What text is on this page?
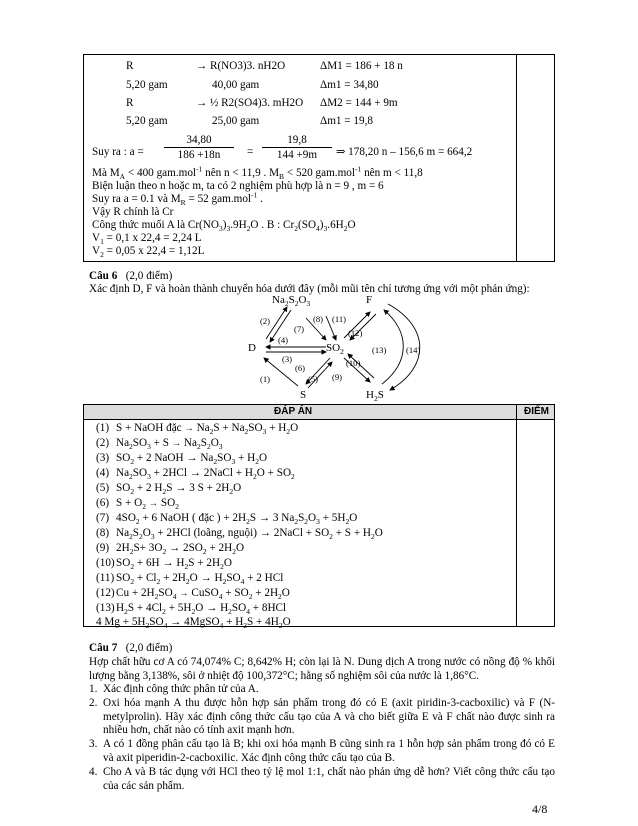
R	→ R(NO3)3. nH2O	ΔM1 = 186 + 18 n
5,20 gam	40,00 gam	Δm1 = 34,80
R	→ ½ R2(SO4)3. mH2O ΔM2 = 144 + 9m
5,20 gam	25,00 gam	Δm1 = 19,8
Suy ra : $a = \frac{34,80}{186 +18n} = \frac{19,8}{144 +9m}$ ⇒ 178,20 n – 156,6 m = 664,2
Mà $M_A < 400$ gam.mol$^{-1}$ nên n < 11,9 . $M_B < 520$ gam.mol$^{-1}$ nên m < 11,8
Biện luận theo n hoặc m, ta có 2 nghiệm phù hợp là n = 9 , m = 6
Suy ra a = 0.1 và $M_R = 52$ gam.mol$^{-1}$ .
Vậy R chính là Cr
Công thức muối A là $Cr(NO_3)_3.9H_2O$ . B : $Cr_2(SO_4)_3.6H_2O$
$V_1 = 0,1$ x 22,4 = 2,24 L
$V_2 = 0,05$ x 22,4 = 1,12L
Câu 6 (2,0 điểm)
Xác định D, F và hoàn thành chuyển hóa dưới đây (mỗi mũi tên chỉ tương ứng với một phản ứng):
$Na_2S_2O_3$	F
D	$SO_2$
S	$H_2S$
(2)
(4)
(7)
(8) (11)
(12)
(3)
(6)
(1)	(5) (9)
(10)
(13) (14)
ĐÁP ÁN	ĐIỂM
(1) S + NaOH đặc → $Na_2S + Na_2SO_3 + H_2O$
(2) $Na_2SO_3 + S \to Na_2S_2O_3$
(3) $SO_2 + 2$ NaOH → $Na_2SO_3 + H_2O$
(4) $Na_2SO_3 + 2HCl$ → 2NaCl + $H_2O + SO_2$
(5) $SO_2 + 2$ $H_2S \to 3$ $S + 2H_2O$
(6) $S + O_2 \to SO_2$
(7) $4SO_2 + 6$ NaOH ( đặc ) + $2H_2S \to 3$ $Na_2S_2O_3 + 5H_2O$
(8) $Na_2S_2O_3 + 2HCl$ (loãng, nguội) → 2NaCl + $SO_2 + S + H_2O$
(9) $2H_2S+ 3O_2 \to 2SO_2 + 2H_2O$
$(10)SO_2 + 6H \to H_2S + 2H_2O$
(11) $SO_2 + Cl_2 + 2H_2O \to H_2SO_4 + 2$ HCl
$(12)Cu + 2H_2SO_4$ → CuSO$_4$ + $SO_2 + 2H_2O$
$(13)H_2S + 4Cl_2 + 5H_2O \to H_2SO_4 + 8HCl$
4 $Mg + 5H_2SO_4$ → 4MgSO$_4$ + $H_2S + 4H_2O$
Câu 7 (2,0 điểm)
Hợp chất hữu cơ A có 74,074% C; 8,642% H; còn lại là N. Dung dịch A trong nước có nồng độ % khối lượng bằng 3,138%, sôi ở nhiệt độ 100,372°C; hằng số nghiệm sôi của nước là 1,86°C.
1. Xác định công thức phân tử của A.
2. Oxi hóa mạnh A thu được hỗn hợp sản phẩm trong đó có E (axit piridin-3-cacboxilic) và F (N-metylprolin). Hãy xác định công thức cấu tạo của A và cho biết giữa E và F chất nào được sinh ra nhiều hơn, chất nào có tính axit mạnh hơn.
3. A có 1 đồng phân cấu tạo là B; khi oxi hóa mạnh B cũng sinh ra 1 hỗn hợp sản phẩm trong đó có E và axit piperidin-2-cacboxilic. Xác định công thức cấu tạo của B.
4. Cho A và B tác dụng với HCl theo tỷ lệ mol 1:1, chất nào phản ứng dễ hơn? Viết công thức cấu tạo của các sản phẩm.
4/8
